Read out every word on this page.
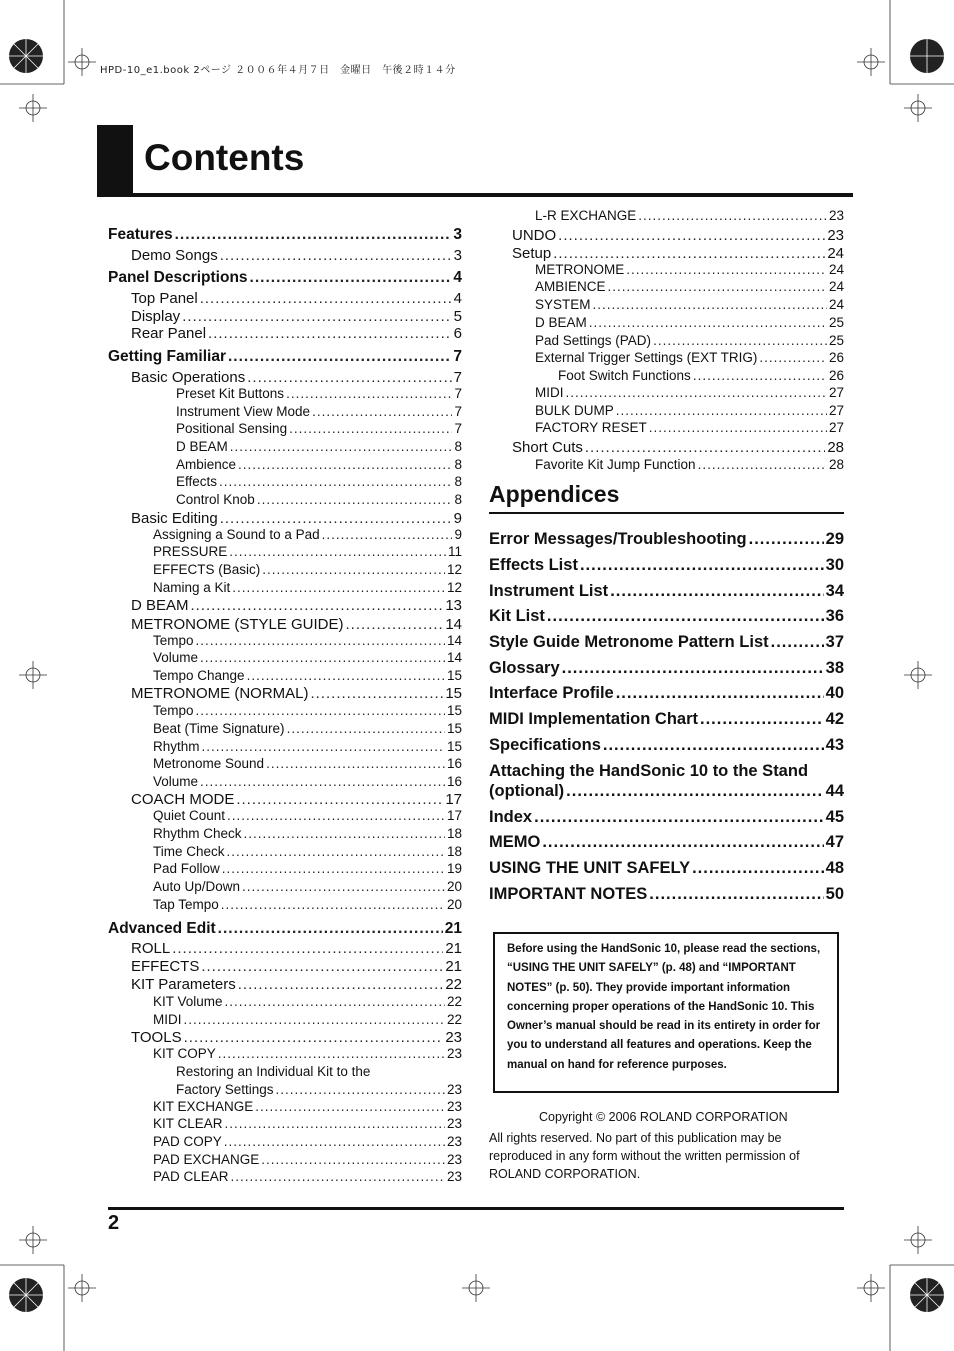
HPD-10_e1.book 2ページ ２００６年４月７日　金曜日　午後２時１４分
Contents
Features .....	3
Demo Songs .....	3
Panel Descriptions .....	4
Top Panel .....	4
Display .....	5
Rear Panel .....	6
Getting Familiar .....	7
Basic Operations .....	7
Preset Kit Buttons .....	7
Instrument View Mode .....	7
Positional Sensing .....	7
D BEAM .....	8
Ambience .....	8
Effects .....	8
Control Knob .....	8
Basic Editing .....	9
Assigning a Sound to a Pad .....	9
PRESSURE .....	11
EFFECTS (Basic) .....	12
Naming a Kit .....	12
D BEAM .....	13
METRONOME (STYLE GUIDE) .....	14
Tempo .....	14
Volume .....	14
Tempo Change .....	15
METRONOME (NORMAL) .....	15
Tempo .....	15
Beat (Time Signature) .....	15
Rhythm .....	15
Metronome Sound .....	16
Volume .....	16
COACH MODE .....	17
Quiet Count .....	17
Rhythm Check .....	18
Time Check .....	18
Pad Follow .....	19
Auto Up/Down .....	20
Tap Tempo .....	20
Advanced Edit .....	21
ROLL .....	21
EFFECTS .....	21
KIT Parameters .....	22
KIT Volume .....	22
MIDI .....	22
TOOLS .....	23
KIT COPY .....	23
Restoring an Individual Kit to the
Factory Settings .....	23
KIT EXCHANGE .....	23
KIT CLEAR .....	23
PAD COPY .....	23
PAD EXCHANGE .....	23
PAD CLEAR .....	23
L-R EXCHANGE .....	23
UNDO .....	23
Setup .....	24
METRONOME .....	24
AMBIENCE .....	24
SYSTEM .....	24
D BEAM .....	25
Pad Settings (PAD) .....	25
External Trigger Settings (EXT TRIG) .....	26
Foot Switch Functions .....	26
MIDI .....	27
BULK DUMP .....	27
FACTORY RESET .....	27
Short Cuts .....	28
Favorite Kit Jump Function .....	28
Appendices
Error Messages/Troubleshooting .....	29
Effects List .....	30
Instrument List .....	34
Kit List .....	36
Style Guide Metronome Pattern List .....	37
Glossary .....	38
Interface Profile .....	40
MIDI Implementation Chart .....	42
Specifications .....	43
Attaching the HandSonic 10 to the Stand
(optional) .....	44
Index .....	45
MEMO .....	47
USING THE UNIT SAFELY .....	48
IMPORTANT NOTES .....	50
Before using the HandSonic 10, please read the sections, “USING THE UNIT SAFELY” (p. 48) and “IMPORTANT NOTES” (p. 50). They provide important information concerning proper operations of the HandSonic 10. This Owner’s manual should be read in its entirety in order for you to understand all features and operations. Keep the manual on hand for reference purposes.
Copyright © 2006 ROLAND CORPORATION
All rights reserved. No part of this publication may be reproduced in any form without the written permission of ROLAND CORPORATION.
2
